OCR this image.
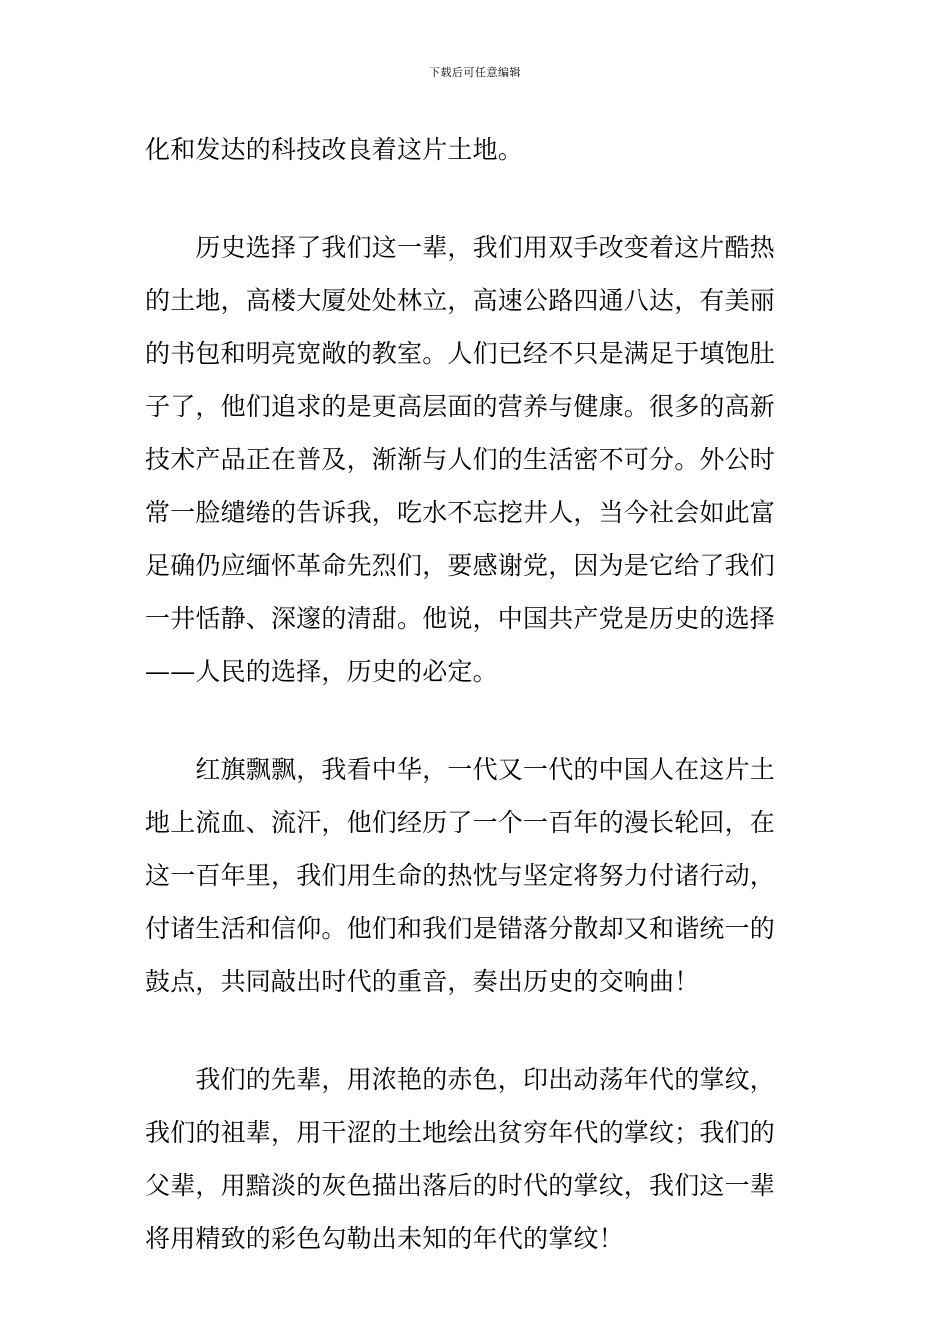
下载后可任意编辑
化和发达的科技改良着这片土地。
　　历史选择了我们这一辈，我们用双手改变着这片酷热
的土地，高楼大厦处处林立，高速公路四通八达，有美丽
的书包和明亮宽敞的教室。人们已经不只是满足于填饱肚
子了，他们追求的是更高层面的营养与健康。很多的高新
技术产品正在普及，渐渐与人们的生活密不可分。外公时
常一脸缱绻的告诉我，吃水不忘挖井人，当今社会如此富
足确仍应缅怀革命先烈们，要感谢党，因为是它给了我们
一井恬静、深邃的清甜。他说，中国共产党是历史的选择
——人民的选择，历史的必定。
　　红旗飘飘，我看中华，一代又一代的中国人在这片土
地上流血、流汗，他们经历了一个一百年的漫长轮回，在
这一百年里，我们用生命的热忱与坚定将努力付诸行动，
付诸生活和信仰。他们和我们是错落分散却又和谐统一的
鼓点，共同敲出时代的重音，奏出历史的交响曲！
　　我们的先辈，用浓艳的赤色，印出动荡年代的掌纹，
我们的祖辈，用干涩的土地绘出贫穷年代的掌纹；我们的
父辈，用黯淡的灰色描出落后的时代的掌纹，我们这一辈
将用精致的彩色勾勒出未知的年代的掌纹！
